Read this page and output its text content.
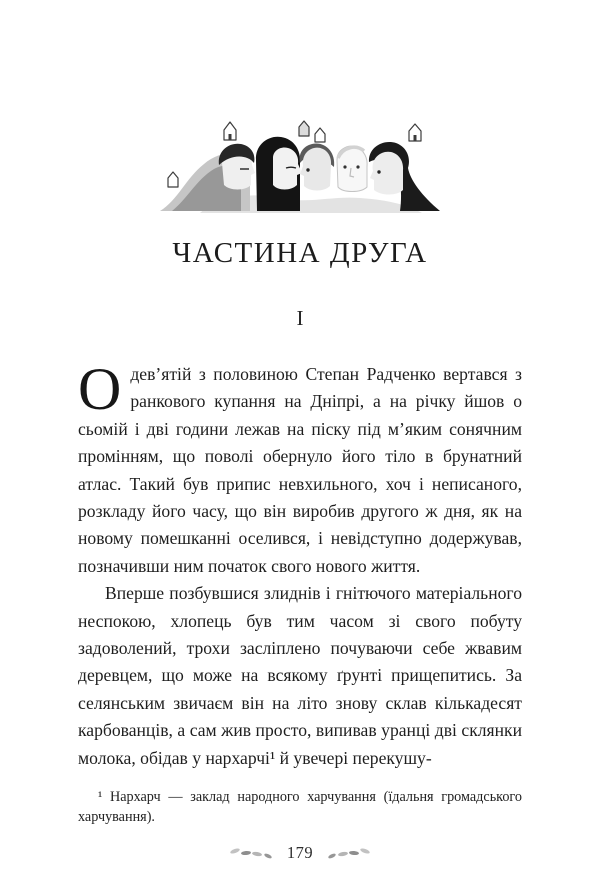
ЧАСТИНА ДРУГА
I

Одев’ятій з половиною Степан Радченко вертався з ранкового купання на Дніпрі, а на річку йшов о сьомій і дві години лежав на піску під м’яким сонячним промінням, що поволі обернуло його тіло в брунатний атлас. Такий був припис невхильного, хоч і неписаного, розкладу його часу, що він виробив другого ж дня, як на новому помешканні оселився, і невідступно додержував, позначивши ним початок свого нового життя.

Вперше позбувшися злиднів і гнітючого матеріального неспокою, хлопець був тим часом зі свого побуту задоволений, трохи засліплено почуваючи себе жвавим деревцем, що може на всякому ґрунті прищепитись. За селянським звичаєм він на літо знову склав кількадесят карбованців, а сам жив просто, випивав уранці дві склянки молока, обідав у нархарчі¹ й увечері перекушу-

¹ Нархарч — заклад народного харчування (їдальня громадського харчування).
179
